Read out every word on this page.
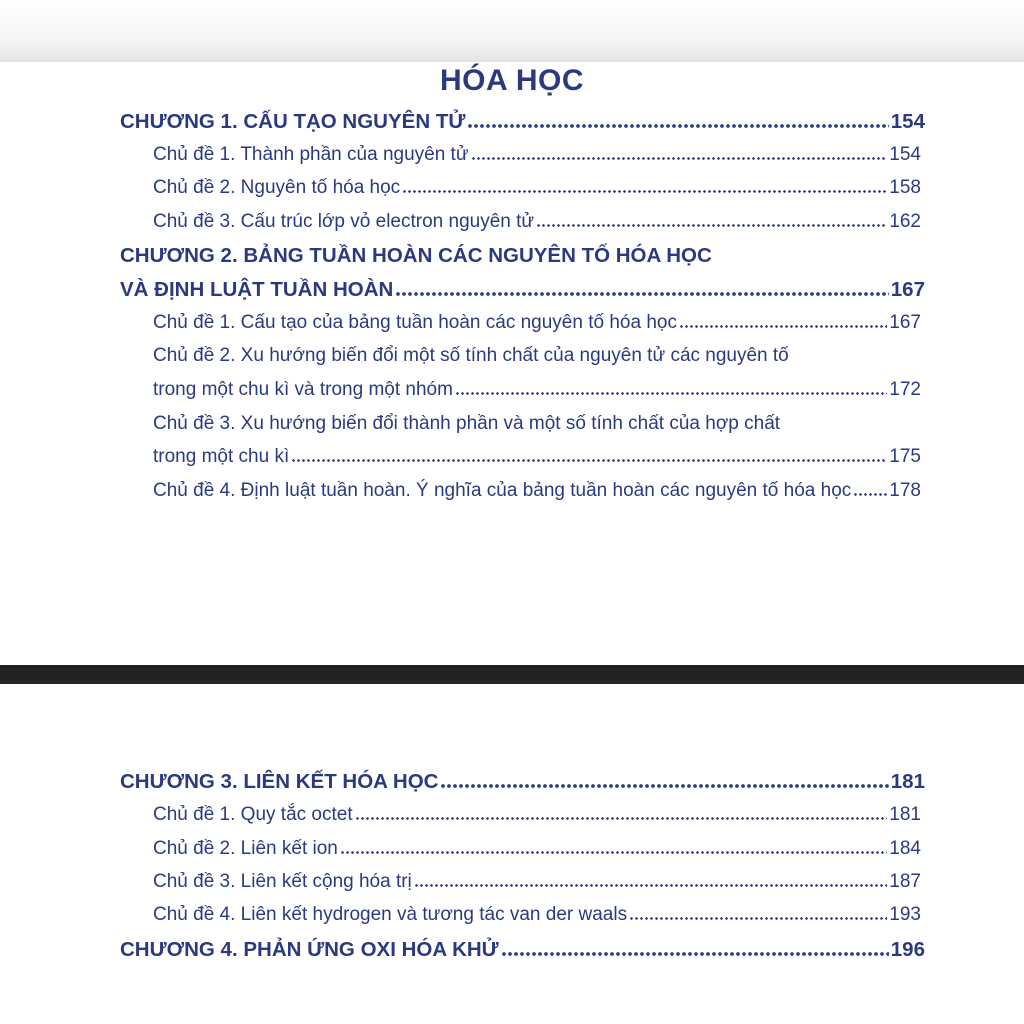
HÓA HỌC
CHƯƠNG 1. CẤU TẠO NGUYÊN TỬ	154
Chủ đề 1. Thành phần của nguyên tử	154
Chủ đề 2. Nguyên tố hóa học	158
Chủ đề 3. Cấu trúc lớp vỏ electron nguyên tử	162
CHƯƠNG 2. BẢNG TUẦN HOÀN CÁC NGUYÊN TỐ HÓA HỌC
VÀ ĐỊNH LUẬT TUẦN HOÀN	167
Chủ đề 1. Cấu tạo của bảng tuần hoàn các nguyên tố hóa học	167
Chủ đề 2. Xu hướng biến đổi một số tính chất của nguyên tử các nguyên tố
trong một chu kì và trong một nhóm	172
Chủ đề 3. Xu hướng biến đổi thành phần và một số tính chất của hợp chất
trong một chu kì	175
Chủ đề 4. Định luật tuần hoàn. Ý nghĩa của bảng tuần hoàn các nguyên tố hóa học 178
CHƯƠNG 3. LIÊN KẾT HÓA HỌC	181
Chủ đề 1. Quy tắc octet	181
Chủ đề 2. Liên kết ion	184
Chủ đề 3. Liên kết cộng hóa trị	187
Chủ đề 4. Liên kết hydrogen và tương tác van der waals	193
CHƯƠNG 4. PHẢN ỨNG OXI HÓA KHỬ	196
